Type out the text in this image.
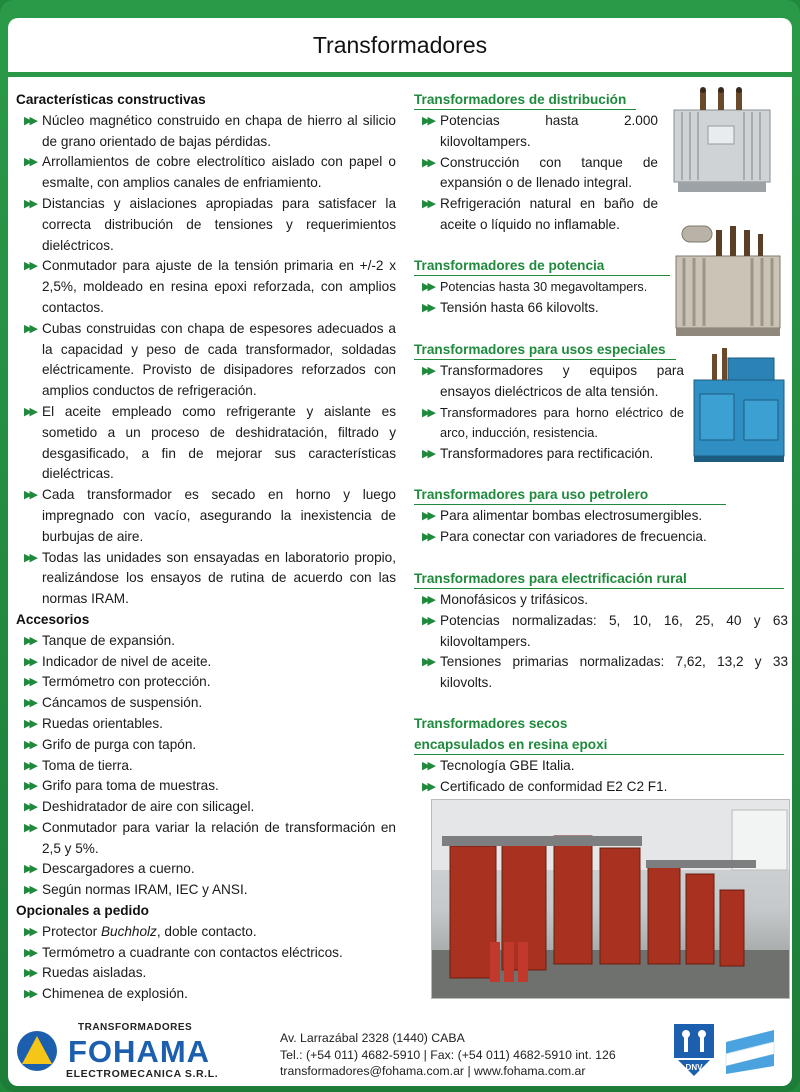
Transformadores
Características constructivas
▶▶ Núcleo magnético construido en chapa de hierro al silicio de grano orientado de bajas pérdidas.
▶▶ Arrollamientos de cobre electrolítico aislado con papel o esmalte, con amplios canales de enfriamiento.
▶▶ Distancias y aislaciones apropiadas para satisfacer la correcta distribución de tensiones y requerimientos dieléctricos.
▶▶ Conmutador para ajuste de la tensión primaria en +/-2 x 2,5%, moldeado en resina epoxi reforzada, con amplios contactos.
▶▶ Cubas construidas con chapa de espesores adecuados a la capacidad y peso de cada transformador, soldadas eléctricamente. Provisto de disipadores reforzados con amplios conductos de refrigeración.
▶▶ El aceite empleado como refrigerante y aislante es sometido a un proceso de deshidratación, filtrado y desgasificado, a fin de mejorar sus características dieléctricas.
▶▶ Cada transformador es secado en horno y luego impregnado con vacío, asegurando la inexistencia de burbujas de aire.
▶▶ Todas las unidades son ensayadas en laboratorio propio, realizándose los ensayos de rutina de acuerdo con las normas IRAM.
Accesorios
▶▶ Tanque de expansión.
▶▶ Indicador de nivel de aceite.
▶▶ Termómetro con protección.
▶▶ Cáncamos de suspensión.
▶▶ Ruedas orientables.
▶▶ Grifo de purga con tapón.
▶▶ Toma de tierra.
▶▶ Grifo para toma de muestras.
▶▶ Deshidratador de aire con silicagel.
▶▶ Conmutador para variar la relación de transformación en 2,5 y 5%.
▶▶ Descargadores a cuerno.
▶▶ Según normas IRAM, IEC y ANSI.
Opcionales a pedido
▶▶ Protector Buchholz, doble contacto.
▶▶ Termómetro a cuadrante con contactos eléctricos.
▶▶ Ruedas aisladas.
▶▶ Chimenea de explosión.
Transformadores de distribución
▶▶ Potencias hasta 2.000 kilovoltampers.
▶▶ Construcción con tanque de expansión o de llenado integral.
▶▶ Refrigeración natural en baño de aceite o líquido no inflamable.
Transformadores de potencia
▶▶ Potencias hasta 30 megavoltampers.
▶▶ Tensión hasta 66 kilovolts.
Transformadores para usos especiales
▶▶ Transformadores y equipos para ensayos dieléctricos de alta tensión.
▶▶ Transformadores para horno eléctrico de arco, inducción, resistencia.
▶▶ Transformadores para rectificación.
Transformadores para uso petrolero
▶▶ Para alimentar bombas electrosumergibles.
▶▶ Para conectar con variadores de frecuencia.
Transformadores para electrificación rural
▶▶ Monofásicos y trifásicos.
▶▶ Potencias normalizadas: 5, 10, 16, 25, 40 y 63 kilovoltampers.
▶▶ Tensiones primarias normalizadas: 7,62, 13,2 y 33 kilovolts.
Transformadores secos
encapsulados en resina epoxi
▶▶ Tecnología GBE Italia.
▶▶ Certificado de conformidad E2 C2 F1.
TRANSFORMADORES
FOHAMA
ELECTROMECANICA S.R.L.
Av. Larrazábal 2328 (1440) CABA
Tel.: (+54 011) 4682-5910 | Fax: (+54 011) 4682-5910 int. 126
transformadores@fohama.com.ar | www.fohama.com.ar	DNV
